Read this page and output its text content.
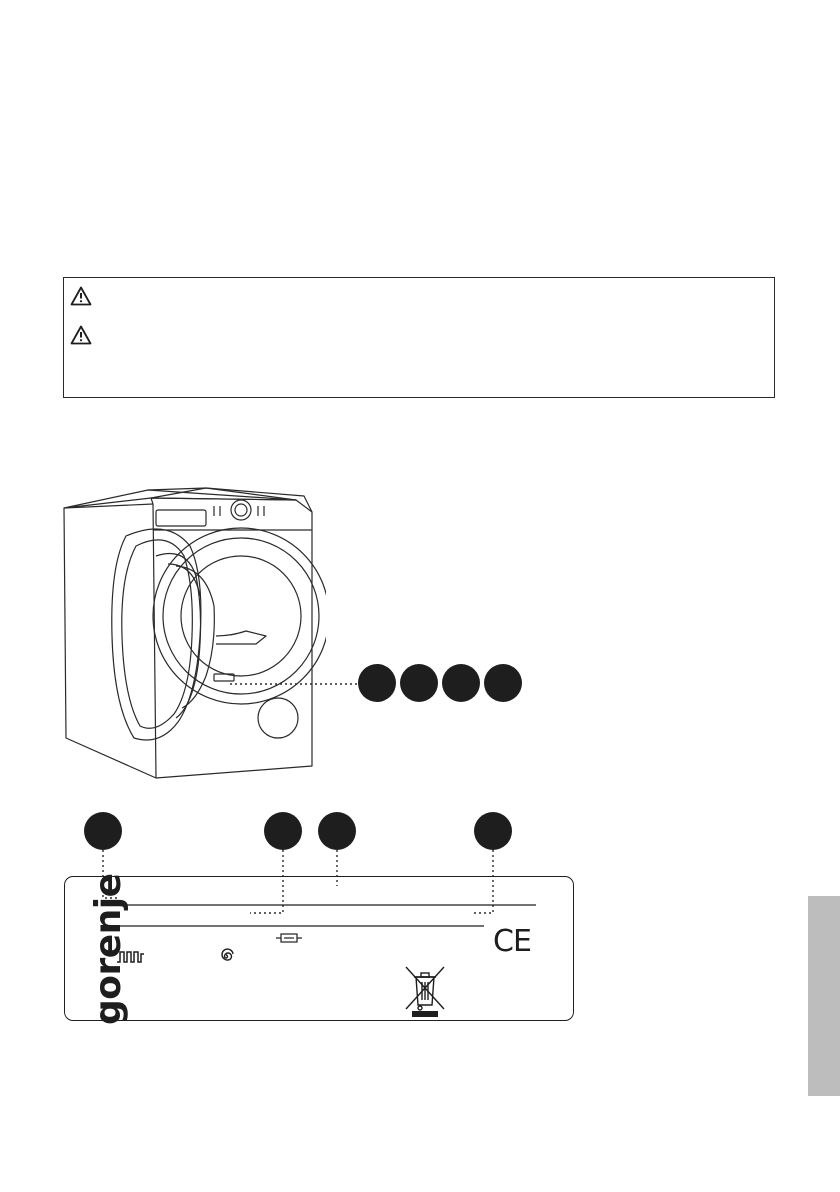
gorenje	CE
